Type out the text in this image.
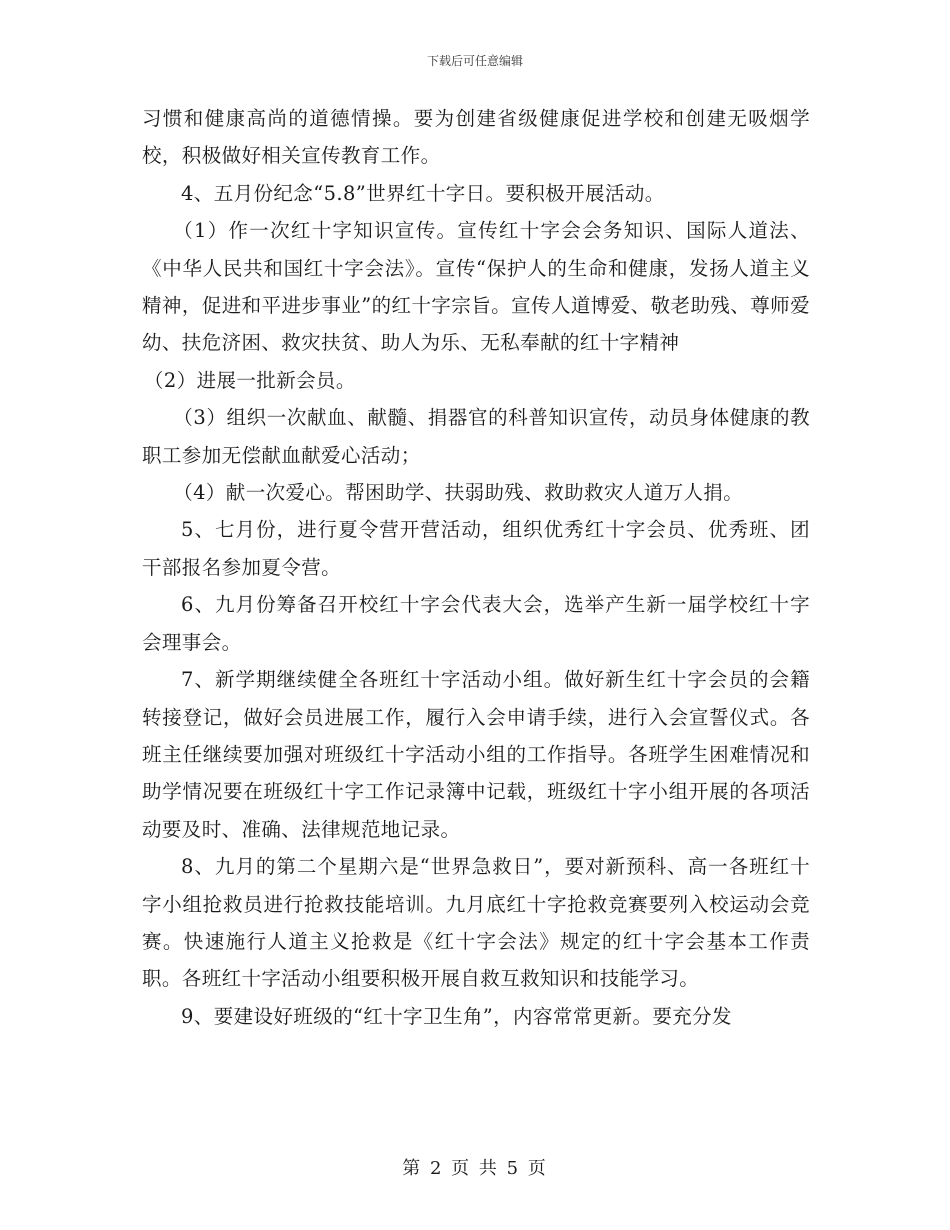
下载后可任意编辑

习惯和健康高尚的道德情操。要为创建省级健康促进学校和创建无吸烟学校，积极做好相关宣传教育工作。

4、五月份纪念“5.8”世界红十字日。要积极开展活动。

（1）作一次红十字知识宣传。宣传红十字会会务知识、国际人道法、《中华人民共和国红十字会法》。宣传“保护人的生命和健康，发扬人道主义精神，促进和平进步事业”的红十字宗旨。宣传人道博爱、敬老助残、尊师爱幼、扶危济困、救灾扶贫、助人为乐、无私奉献的红十字精神

（2）进展一批新会员。

（3）组织一次献血、献髓、捐器官的科普知识宣传，动员身体健康的教职工参加无偿献血献爱心活动；

（4）献一次爱心。帮困助学、扶弱助残、救助救灾人道万人捐。

5、七月份，进行夏令营开营活动，组织优秀红十字会员、优秀班、团干部报名参加夏令营。

6、九月份筹备召开校红十字会代表大会，选举产生新一届学校红十字会理事会。

7、新学期继续健全各班红十字活动小组。做好新生红十字会员的会籍转接登记，做好会员进展工作，履行入会申请手续，进行入会宣誓仪式。各班主任继续要加强对班级红十字活动小组的工作指导。各班学生困难情况和助学情况要在班级红十字工作记录簿中记载，班级红十字小组开展的各项活动要及时、准确、法律规范地记录。

8、九月的第二个星期六是“世界急救日”，要对新预科、高一各班红十字小组抢救员进行抢救技能培训。九月底红十字抢救竞赛要列入校运动会竞赛。快速施行人道主义抢救是《红十字会法》规定的红十字会基本工作责职。各班红十字活动小组要积极开展自救互救知识和技能学习。

9、要建设好班级的“红十字卫生角”，内容常常更新。要充分发

第 2 页 共 5 页
